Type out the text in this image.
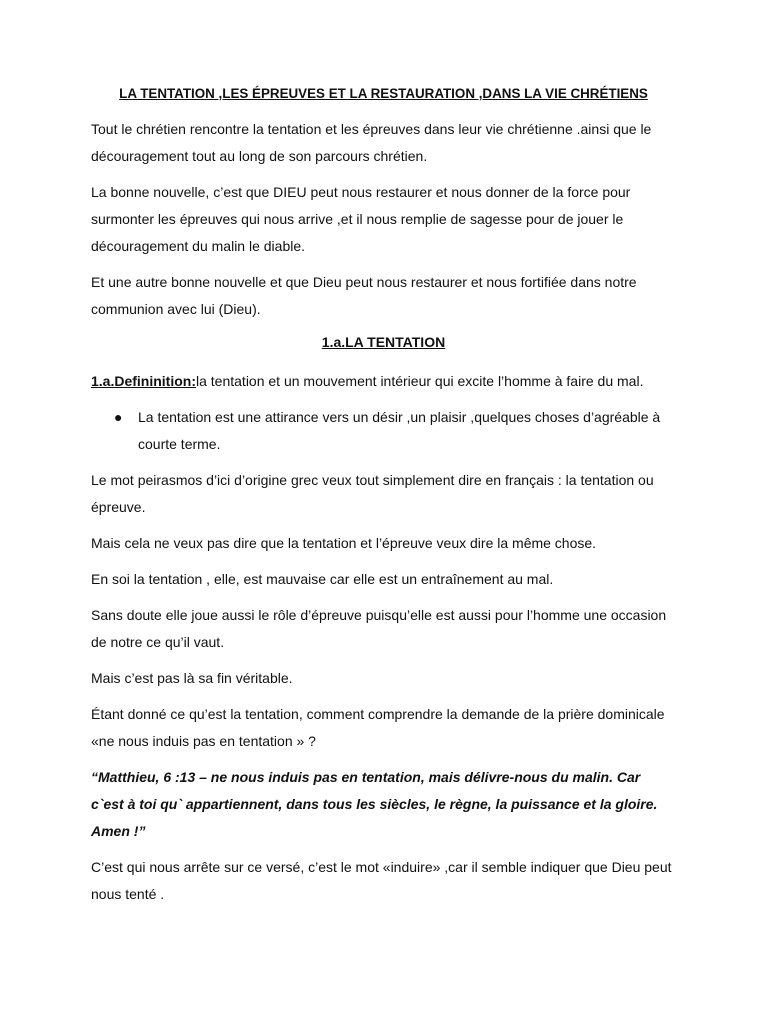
LA TENTATION ,LES ÉPREUVES ET LA RESTAURATION ,DANS LA VIE CHRÉTIENS

Tout le chrétien rencontre la tentation et les épreuves dans leur vie chrétienne .ainsi que le découragement tout au long de son parcours chrétien.

La bonne nouvelle, c’est que DIEU peut nous restaurer et nous donner de la force pour surmonter les épreuves qui nous arrive ,et il nous remplie de sagesse pour de jouer le découragement du malin le diable.

Et une autre bonne nouvelle et que Dieu peut nous restaurer et nous fortifiée dans notre communion avec lui (Dieu).

1.a.LA TENTATION

1.a.Defininition:la tentation et un mouvement intérieur qui excite l’homme à faire du mal.

● La tentation est une attirance vers un désir ,un plaisir ,quelques choses d’agréable à courte terme.

Le mot peirasmos d’ici d’origine grec veux tout simplement dire en français : la tentation ou épreuve.

Mais cela ne veux pas dire que la tentation et l’épreuve veux dire la même chose.

En soi la tentation , elle, est mauvaise car elle est un entraînement au mal.

Sans doute elle joue aussi le rôle d’épreuve puisqu’elle est aussi pour l’homme une occasion de notre ce qu’il vaut.

Mais c’est pas là sa fin véritable.

Étant donné ce qu’est la tentation, comment comprendre la demande de la prière dominicale «ne nous induis pas en tentation » ?

“Matthieu, 6 :13 – ne nous induis pas en tentation, mais délivre-nous du malin. Car c`est à toi qu` appartiennent, dans tous les siècles, le règne, la puissance et la gloire. Amen !”

C’est qui nous arrête sur ce versé, c’est le mot «induire» ,car il semble indiquer que Dieu peut nous tenté .
